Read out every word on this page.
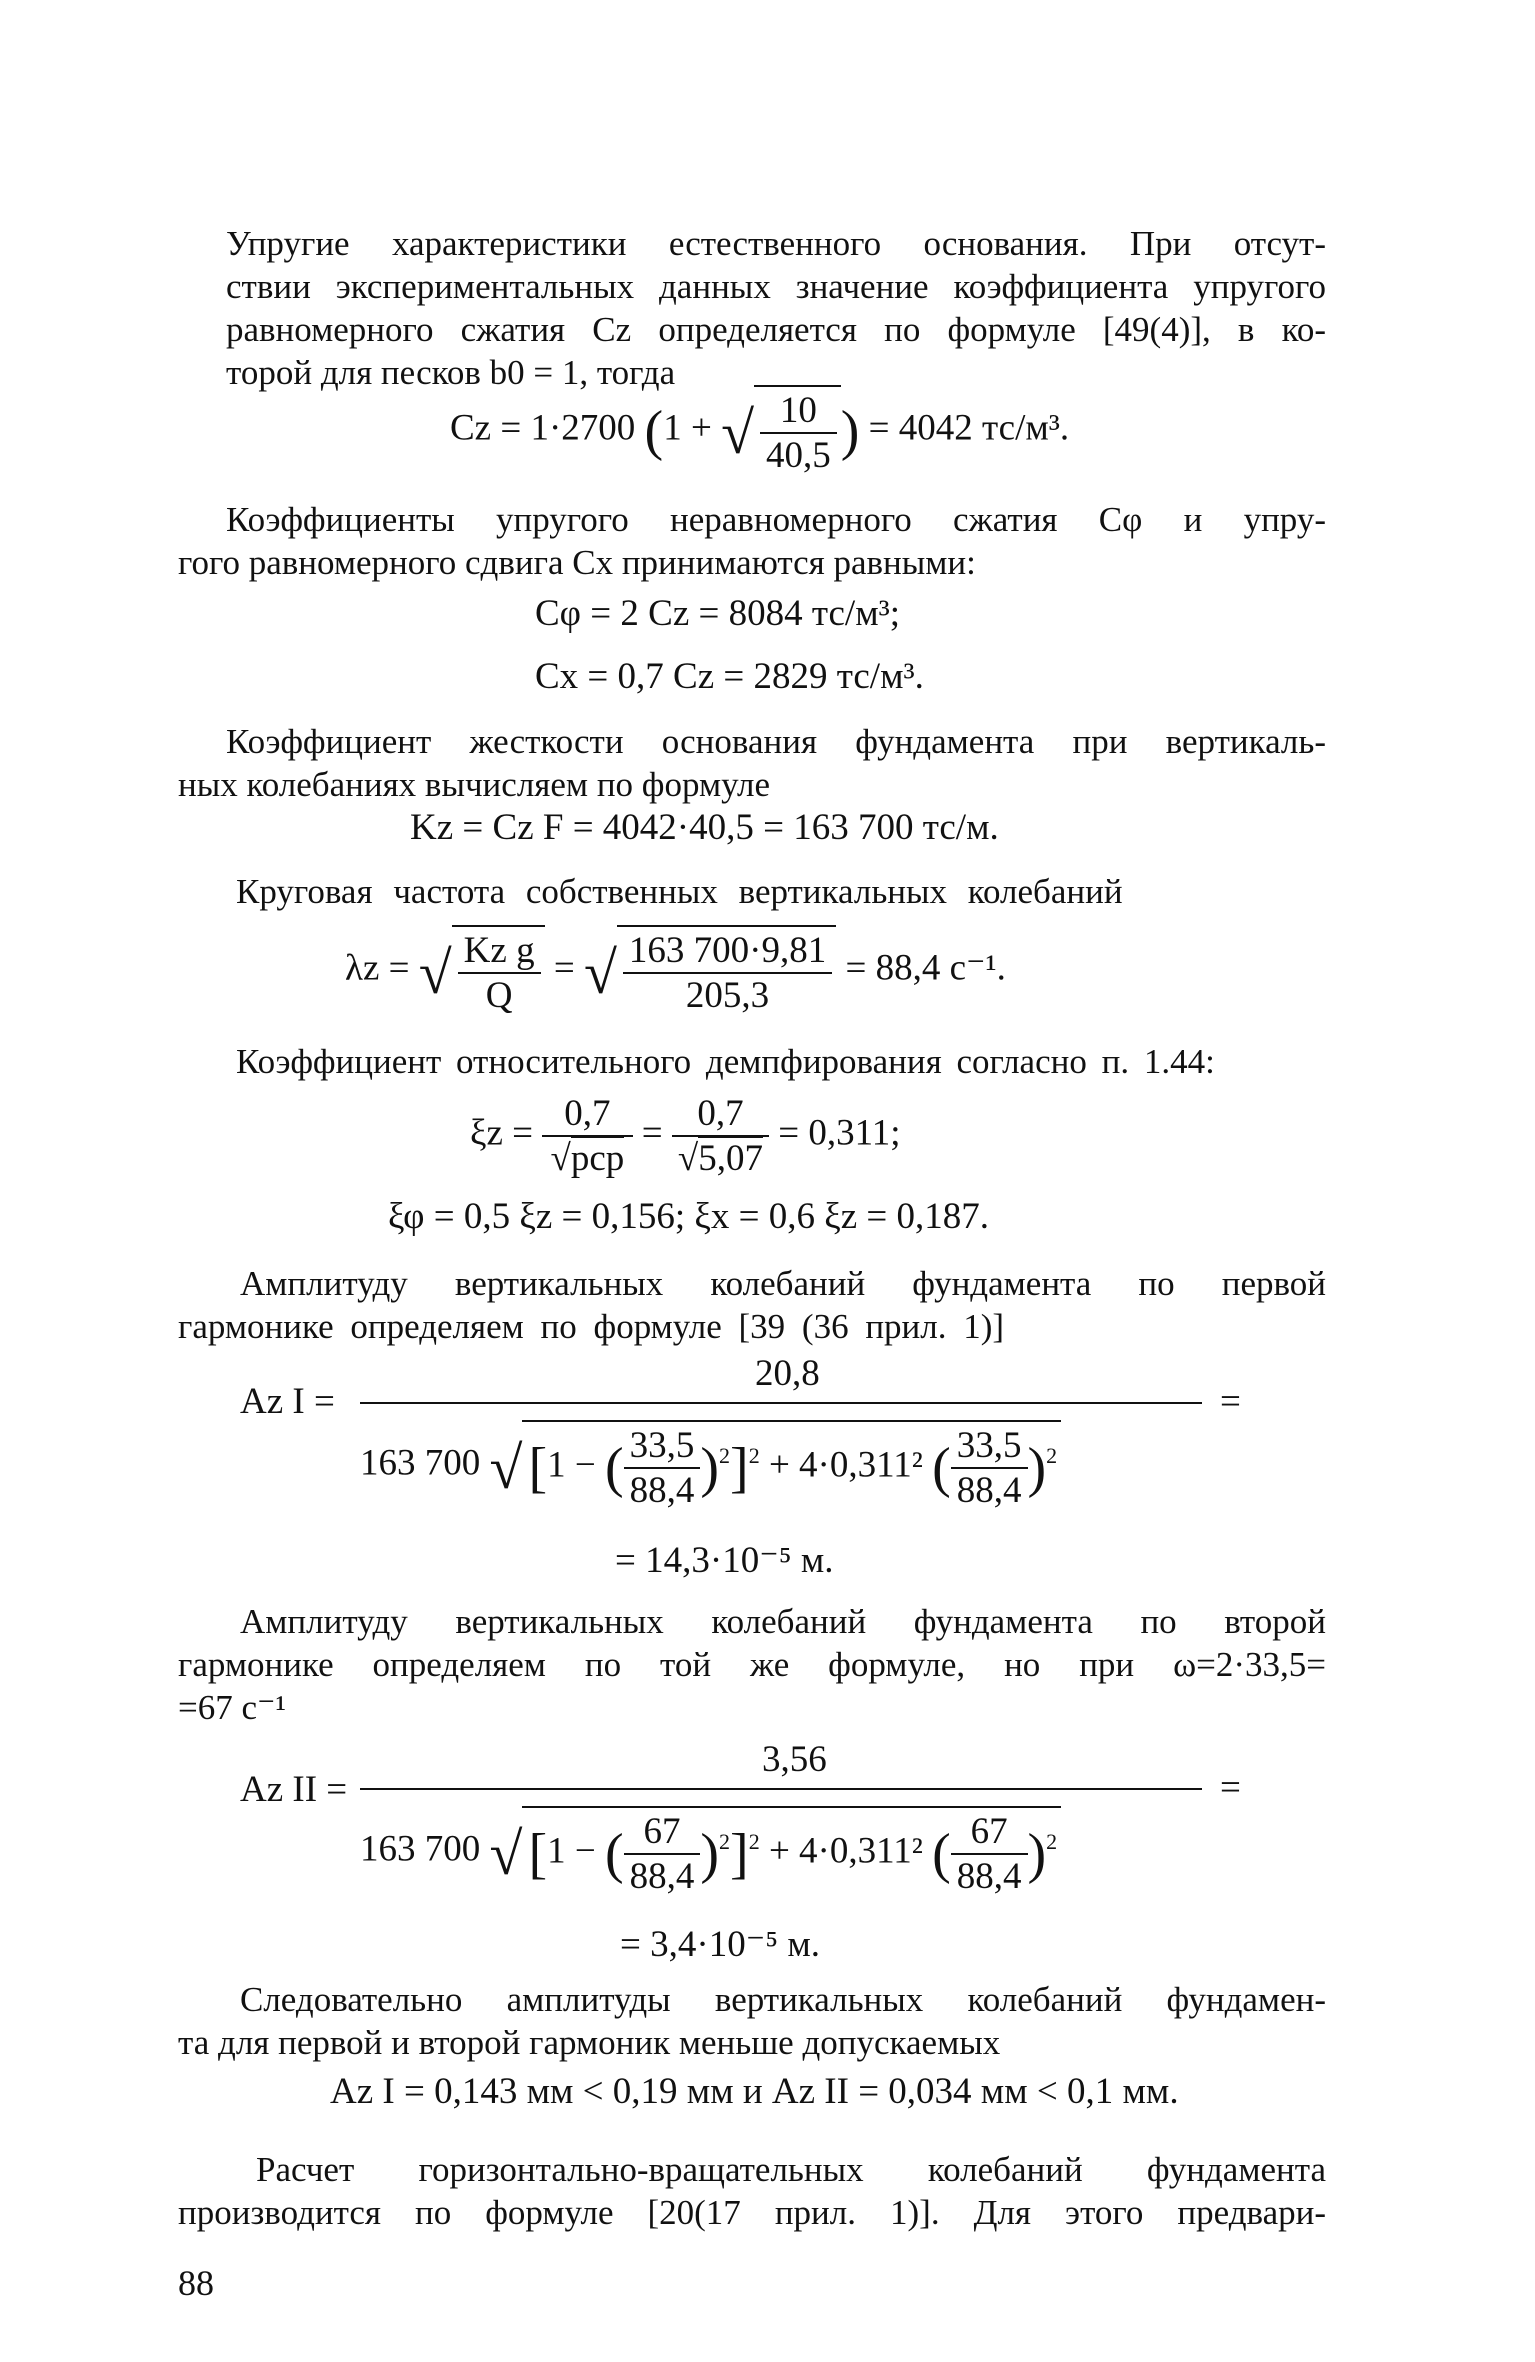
Упругие характеристики естественного основания. При отсут-
ствии экспериментальных данных значение коэффициента упругого
равномерного сжатия Cz определяется по формуле [49(4)], в ко-
торой для песков b0 = 1, тогда
Cz = 1·2700 (1 + √ $\frac{10}{40,5}$ ) = 4042 тс/м³.
Коэффициенты упругого неравномерного сжатия Cφ и упру-
гого равномерного сдвига Cx принимаются равными:
Cφ = 2 Cz = 8084 тс/м³;
Cx = 0,7 Cz = 2829 тс/м³.
Коэффициент жесткости основания фундамента при вертикаль-
ных колебаниях вычисляем по формуле
Kz = Cz F = 4042·40,5 = 163 700 тс/м.
Круговая частота собственных вертикальных колебаний
λz = √ $\frac{\text{Kz g}}{Q}$ = √ $\frac{163 700\cdot 9,81}{205,3} = 88,4$ с⁻¹.
Коэффициент относительного демпфирования согласно п. 1.44:
$\xi z = \frac{0,7}{\text{√pср}} = \frac{0,7}{√5,07} = 0,311$;
ξφ = 0,5 ξz = 0,156; ξx = 0,6 ξz = 0,187.
Амплитуду вертикальных колебаний фундамента по первой
гармонике определяем по формуле [39 (36 прил. 1)]
Az I =
20,8
=
163 700 √ [1 − ( $\frac{33,5}{88,4} )^2]^2 + 4\cdot 0,311^2$ ( $\frac{33,5}{88,4} )^2$
= 14,3·10⁻⁵ м.
Амплитуду вертикальных колебаний фундамента по второй
гармонике определяем по той же формуле, но при ω=2·33,5=
=67 с⁻¹
Az II =
3,56
=
163 700 √ [1 − ( $\frac{67}{88,4} )^2]^2 + 4\cdot 0,311^2$ ( $\frac{67}{88,4} )^2$
= 3,4·10⁻⁵ м.
Следовательно амплитуды вертикальных колебаний фундамен-
та для первой и второй гармоник меньше допускаемых
Az I = 0,143 мм < 0,19 мм и Az II = 0,034 мм < 0,1 мм.
Расчет горизонтально-вращательных колебаний фундамента
производится по формуле [20(17 прил. 1)]. Для этого предвари-
88
